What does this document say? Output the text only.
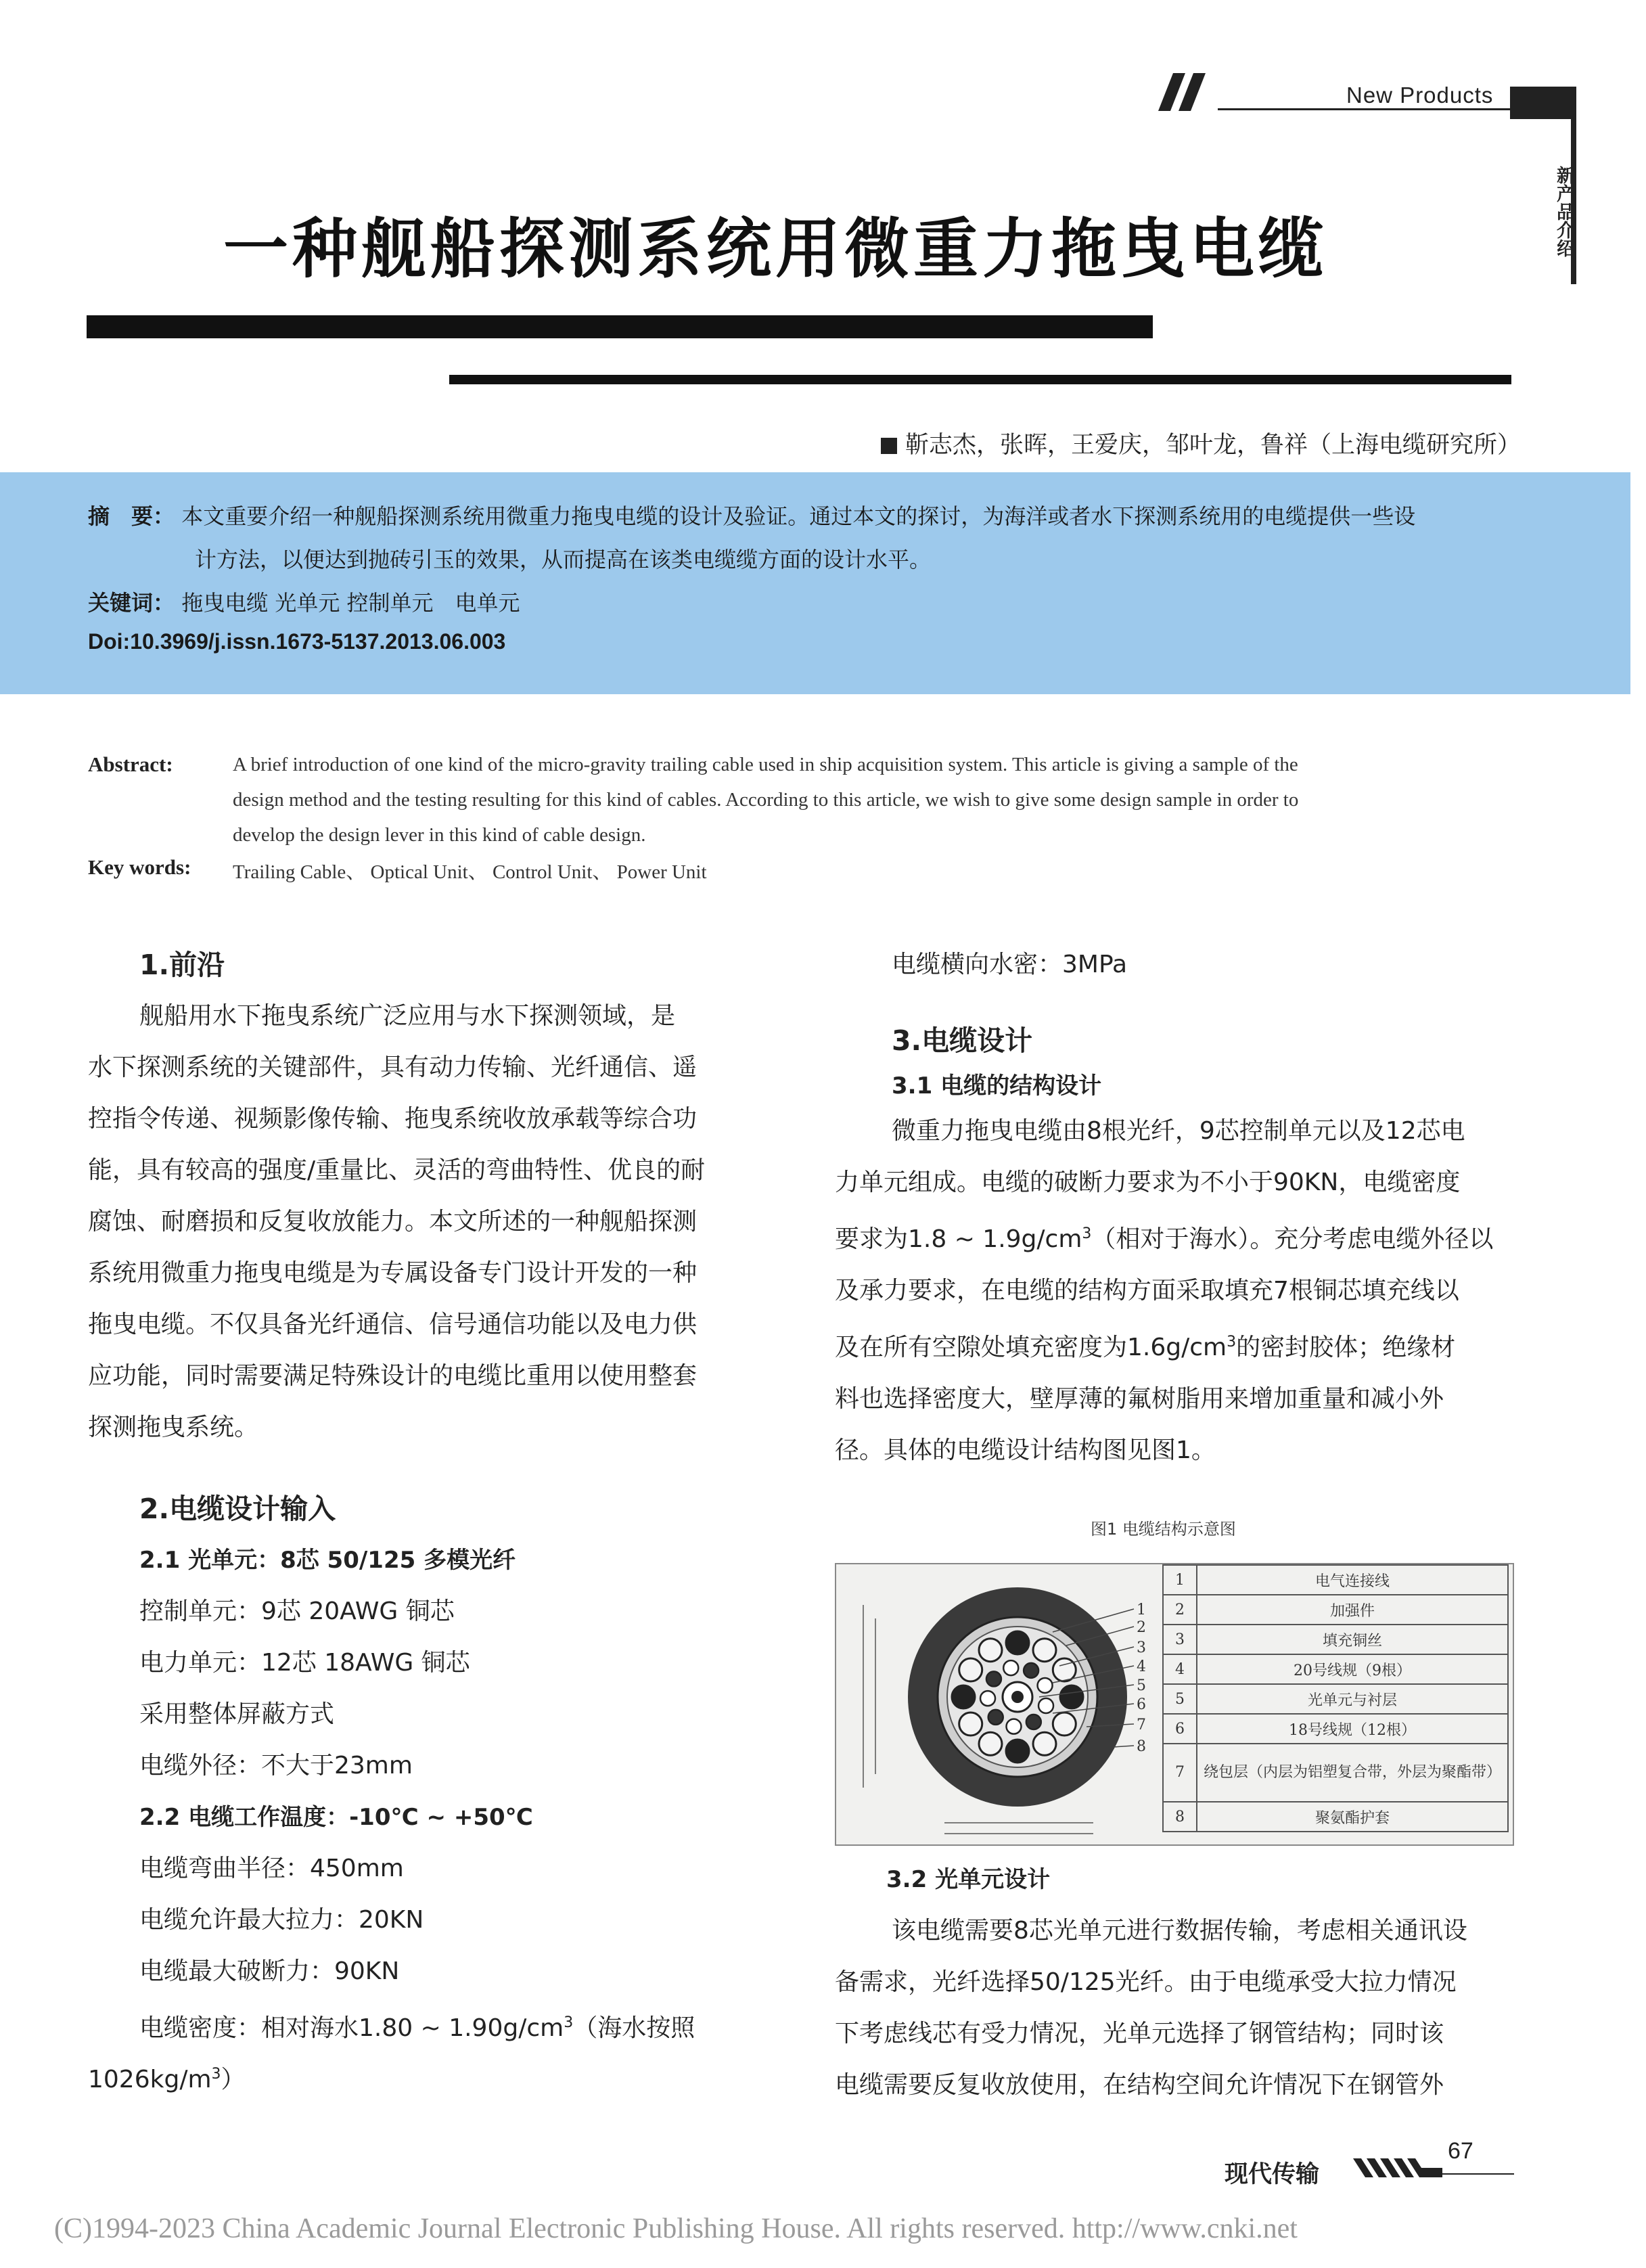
New Products
新产品介绍
一种舰船探测系统用微重力拖曳电缆
靳志杰，张晖，王爱庆，邹叶龙，鲁祥（上海电缆研究所）
摘　要： 本文重要介绍一种舰船探测系统用微重力拖曳电缆的设计及验证。通过本文的探讨，为海洋或者水下探测系统用的电缆提供一些设
计方法，以便达到抛砖引玉的效果，从而提高在该类电缆缆方面的设计水平。
关键词： 拖曳电缆 光单元 控制单元　电单元
Doi:10.3969/j.issn.1673-5137.2013.06.003
Abstract:	A brief introduction of one kind of the micro-gravity trailing cable used in ship acquisition system. This article is giving a sample of the
design method and the testing resulting for this kind of cables. According to this article, we wish to give some design sample in order to
develop the design lever in this kind of cable design.
Key words: Trailing Cable、 Optical Unit、 Control Unit、 Power Unit
1.前沿
舰船用水下拖曳系统广泛应用与水下探测领域，是
水下探测系统的关键部件，具有动力传输、光纤通信、遥
控指令传递、视频影像传输、拖曳系统收放承载等综合功
能，具有较高的强度/重量比、灵活的弯曲特性、优良的耐
腐蚀、耐磨损和反复收放能力。本文所述的一种舰船探测
系统用微重力拖曳电缆是为专属设备专门设计开发的一种
拖曳电缆。不仅具备光纤通信、信号通信功能以及电力供
应功能，同时需要满足特殊设计的电缆比重用以使用整套
探测拖曳系统。
2.电缆设计输入
2.1 光单元：8芯 50/125 多模光纤
控制单元：9芯 20AWG 铜芯
电力单元：12芯 18AWG 铜芯
采用整体屏蔽方式
电缆外径：不大于23mm
2.2 电缆工作温度：-10℃ ~ +50℃
电缆弯曲半径：450mm
电缆允许最大拉力：20KN
电缆最大破断力：90KN
电缆密度：相对海水1.80 ~ $1.90g/cm^3$（海水按照
$1026kg/m^3$）
电缆横向水密：3MPa
3.电缆设计
3.1 电缆的结构设计
微重力拖曳电缆由8根光纤，9芯控制单元以及12芯电
力单元组成。电缆的破断力要求为不小于90KN，电缆密度
要求为1.8 ~ $1.9g/cm^3$（相对于海水）。充分考虑电缆外径以
及承力要求，在电缆的结构方面采取填充7根铜芯填充线以
及在所有空隙处填充密度为$1.6g/cm^3$的密封胶体；绝缘材
料也选择密度大，壁厚薄的氟树脂用来增加重量和减小外
径。具体的电缆设计结构图见图1。
图1 电缆结构示意图
1
2
3
4
5
6
7
8
1	电气连接线
2	加强件
3	填充铜丝
4	20号线规（9根）
5	光单元与衬层
6	18号线规（12根）
7	绕包层（内层为铝塑复合带，外层为聚酯带）
8	聚氨酯护套
3.2 光单元设计
该电缆需要8芯光单元进行数据传输，考虑相关通讯设
备需求，光纤选择50/125光纤。由于电缆承受大拉力情况
下考虑线芯有受力情况，光单元选择了钢管结构；同时该
电缆需要反复收放使用，在结构空间允许情况下在钢管外
现代传输
67
(C)1994-2023 China Academic Journal Electronic Publishing House. All rights reserved. http://www.cnki.net
